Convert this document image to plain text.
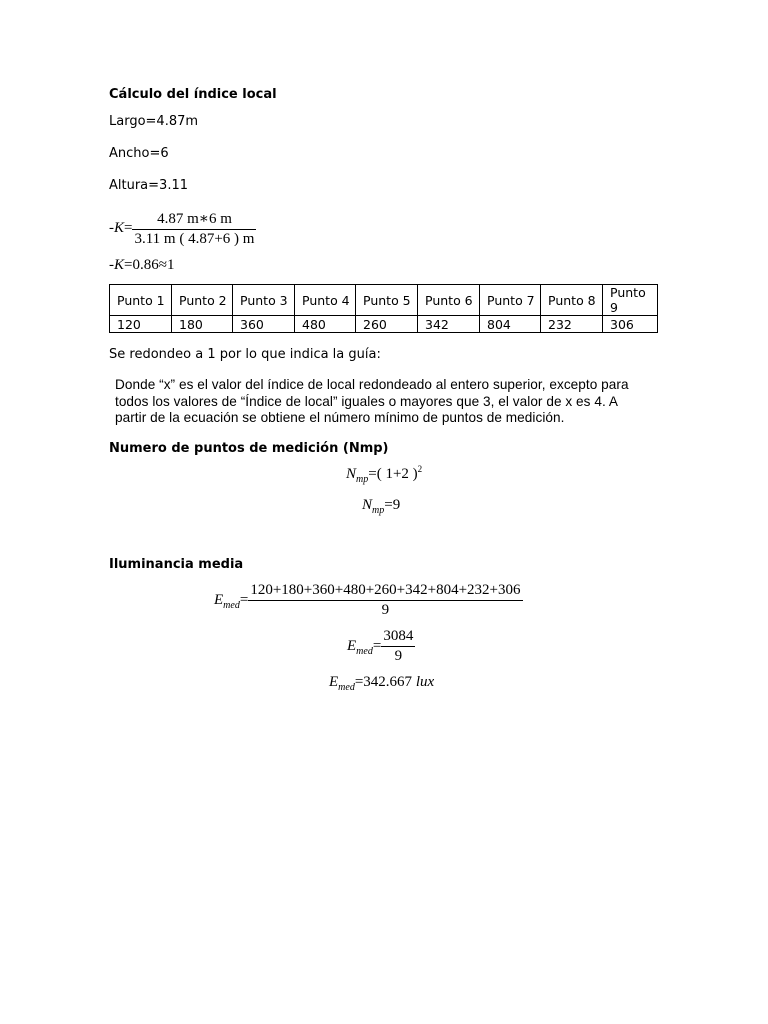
Cálculo del índice local
Largo=4.87m
Ancho=6
Altura=3.11
$-K= \frac{4.87 m∗6 m}{3.11 m ( 4.87+6 ) m}$
-K=0.86≈1
Punto 1	Punto 2	Punto 3	Punto 4	Punto 5	Punto 6	Punto 7	Punto 8	Punto 9
120	180	360	480	260	342	804	232	306
Se redondeo a 1 por lo que indica la guía:
Donde “x” es el valor del índice de local redondeado al entero superior, excepto para todos los valores de “Índice de local” iguales o mayores que 3, el valor de x es 4. A partir de la ecuación se obtiene el número mínimo de puntos de medición.
Numero de puntos de medición (Nmp)
$N_{mp}=$( 1+2 )$^2$
$N_{mp}=9$
Iluminancia media
$E_{med}= \frac{120+180+360+480+260+342+804+232+306}{9}$
$E_{med}= \frac{3084}{9}$
$E_{med}=342.667$ lux
